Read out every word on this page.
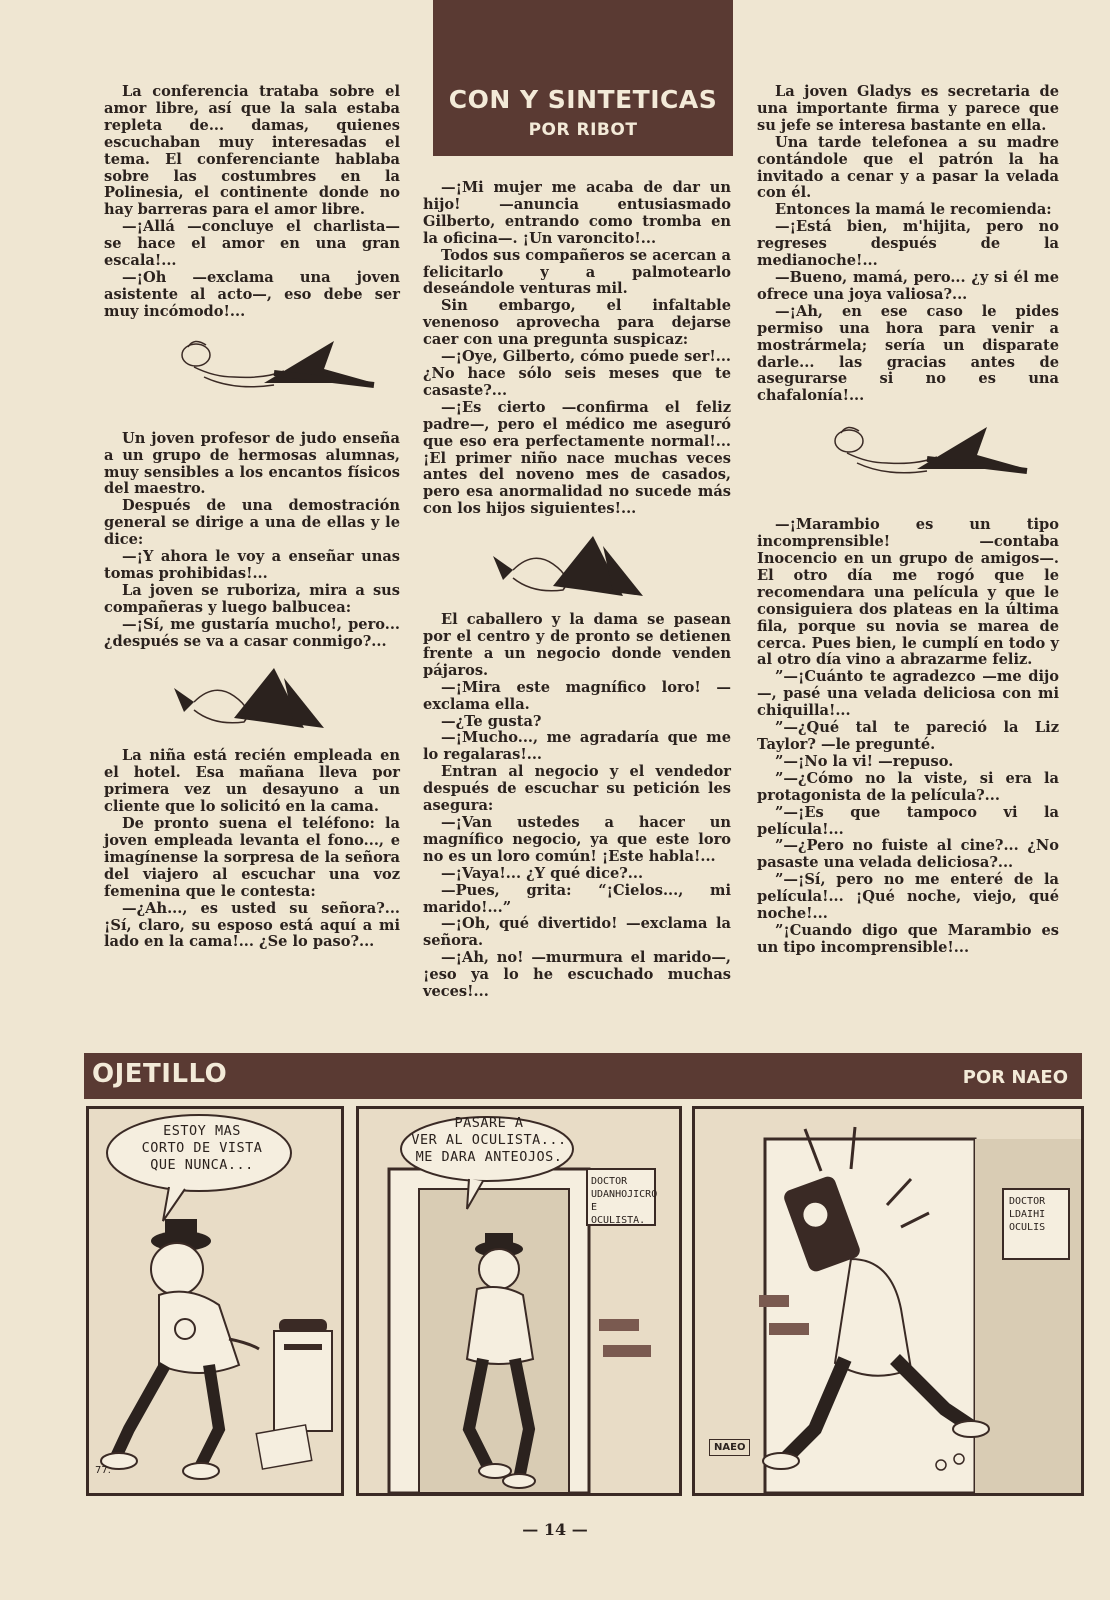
La conferencia trataba sobre el amor libre, así que la sala estaba repleta de... damas, quienes escuchaban muy interesadas el tema. El conferenciante hablaba sobre las costumbres en la Polinesia, el continente donde no hay barreras para el amor libre.

—¡Allá —concluye el charlista— se hace el amor en una gran escala!...

—¡Oh —exclama una joven asistente al acto—, eso debe ser muy incómodo!...

Un joven profesor de judo enseña a un grupo de hermosas alumnas, muy sensibles a los encantos físicos del maestro.

Después de una demostración general se dirige a una de ellas y le dice:

—¡Y ahora le voy a enseñar unas tomas prohibidas!...

La joven se ruboriza, mira a sus compañeras y luego balbucea:

—¡Sí, me gustaría mucho!, pero... ¿después se va a casar conmigo?...

La niña está recién empleada en el hotel. Esa mañana lleva por primera vez un desayuno a un cliente que lo solicitó en la cama.

De pronto suena el teléfono: la joven empleada levanta el fono..., e imagínense la sorpresa de la señora del viajero al escuchar una voz femenina que le contesta:

—¿Ah..., es usted su señora?... ¡Sí, claro, su esposo está aquí a mi lado en la cama!... ¿Se lo paso?...

CON Y SINTETICAS
POR RIBOT

—¡Mi mujer me acaba de dar un hijo! —anuncia entusiasmado Gilberto, entrando como tromba en la oficina—. ¡Un varoncito!...

Todos sus compañeros se acercan a felicitarlo y a palmotearlo deseándole venturas mil.

Sin embargo, el infaltable venenoso aprovecha para dejarse caer con una pregunta suspicaz:

—¡Oye, Gilberto, cómo puede ser!... ¿No hace sólo seis meses que te casaste?...

—¡Es cierto —confirma el feliz padre—, pero el médico me aseguró que eso era perfectamente normal!... ¡El primer niño nace muchas veces antes del noveno mes de casados, pero esa anormalidad no sucede más con los hijos siguientes!...

El caballero y la dama se pasean por el centro y de pronto se detienen frente a un negocio donde venden pájaros.

—¡Mira este magnífico loro! —exclama ella.

—¿Te gusta?

—¡Mucho..., me agradaría que me lo regalaras!...

Entran al negocio y el vendedor después de escuchar su petición les asegura:

—¡Van ustedes a hacer un magnífico negocio, ya que este loro no es un loro común! ¡Este habla!...

—¡Vaya!... ¿Y qué dice?...

—Pues, grita: “¡Cielos..., mi marido!...”

—¡Oh, qué divertido! —exclama la señora.

—¡Ah, no! —murmura el marido—, ¡eso ya lo he escuchado muchas veces!...

La joven Gladys es secretaria de una importante firma y parece que su jefe se interesa bastante en ella.

Una tarde telefonea a su madre contándole que el patrón la ha invitado a cenar y a pasar la velada con él.

Entonces la mamá le recomienda:

—¡Está bien, m'hijita, pero no regreses después de la medianoche!...

—Bueno, mamá, pero... ¿y si él me ofrece una joya valiosa?...

—¡Ah, en ese caso le pides permiso una hora para venir a mostrármela; sería un disparate darle... las gracias antes de asegurarse si no es una chafalonía!...

—¡Marambio es un tipo incomprensible! —contaba Inocencio en un grupo de amigos—. El otro día me rogó que le recomendara una película y que le consiguiera dos plateas en la última fila, porque su novia se marea de cerca. Pues bien, le cumplí en todo y al otro día vino a abrazarme feliz.

”—¡Cuánto te agradezco —me dijo—, pasé una velada deliciosa con mi chiquilla!...

”—¿Qué tal te pareció la Liz Taylor? —le pregunté.

”—¡No la vi! —repuso.

”—¿Cómo no la viste, si era la protagonista de la película?...

”—¡Es que tampoco vi la película!...

”—¿Pero no fuiste al cine?... ¿No pasaste una velada deliciosa?...

”—¡Sí, pero no me enteré de la película!... ¡Qué noche, viejo, qué noche!...

”¡Cuando digo que Marambio es un tipo incomprensible!...

OJETILLO	POR NAEO
ESTOY MAS
CORTO DE VISTA
QUE NUNCA...
77.
PASARE A
VER AL OCULISTA...
ME DARA ANTEOJOS.
DOCTOR
UDANHOJICRO E
OCULISTA.
DOCTOR
LDAIHI
OCULIS
NAEO
— 14 —
